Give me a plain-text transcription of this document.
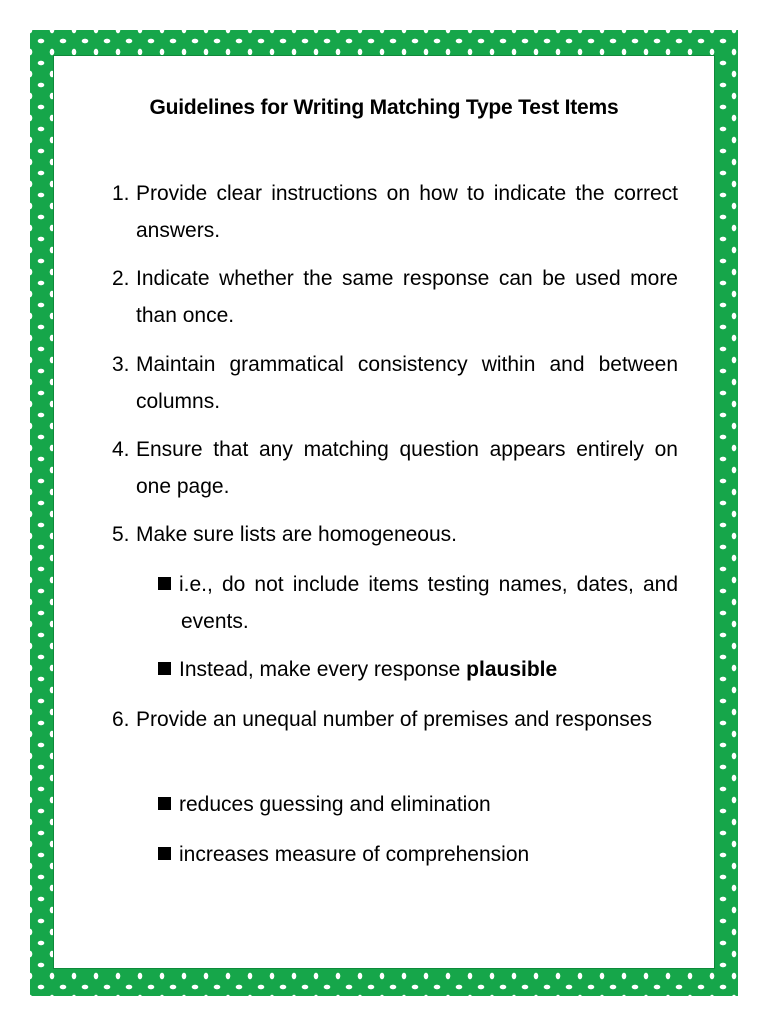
Guidelines for Writing Matching Type Test Items
1. Provide clear instructions on how to indicate the correct answers.
2. Indicate whether the same response can be used more than once.
3. Maintain grammatical consistency within and between columns.
4. Ensure that any matching question appears entirely on one page.
5. Make sure lists are homogeneous.
i.e., do not include items testing names, dates, and events.
Instead, make every response plausible
6. Provide an unequal number of premises and responses
reduces guessing and elimination
increases measure of comprehension
